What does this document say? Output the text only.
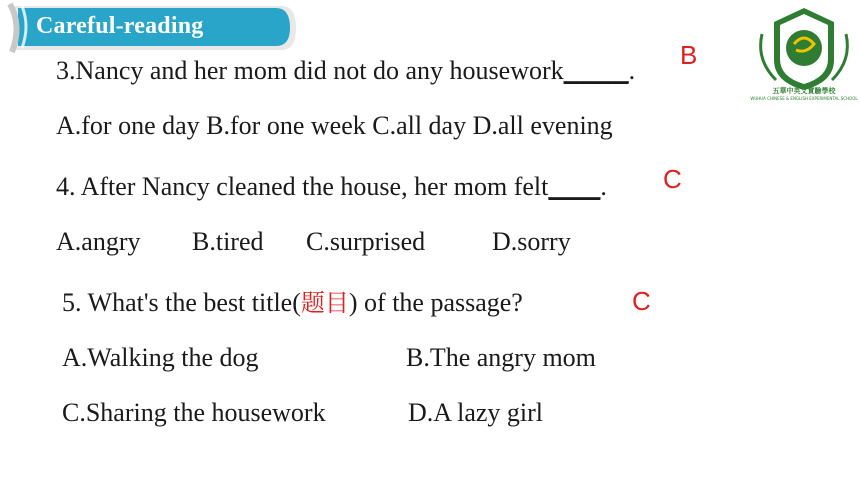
Careful-reading
五華中英文實驗學校
WUHUA CHINESE & ENGLISH EXPERIMENTAL SCHOOL
3.Nancy and her mom did not do any housework_____.
B
A.for one day B.for one week C.all day D.all evening
4. After Nancy cleaned the house, her mom felt____. C
A.angry B.tired C.surprised	D.sorry
5. What's the best title(题目) of the passage?	C
A.Walking the dog	B.The angry mom
C.Sharing the housework	D.A lazy girl
